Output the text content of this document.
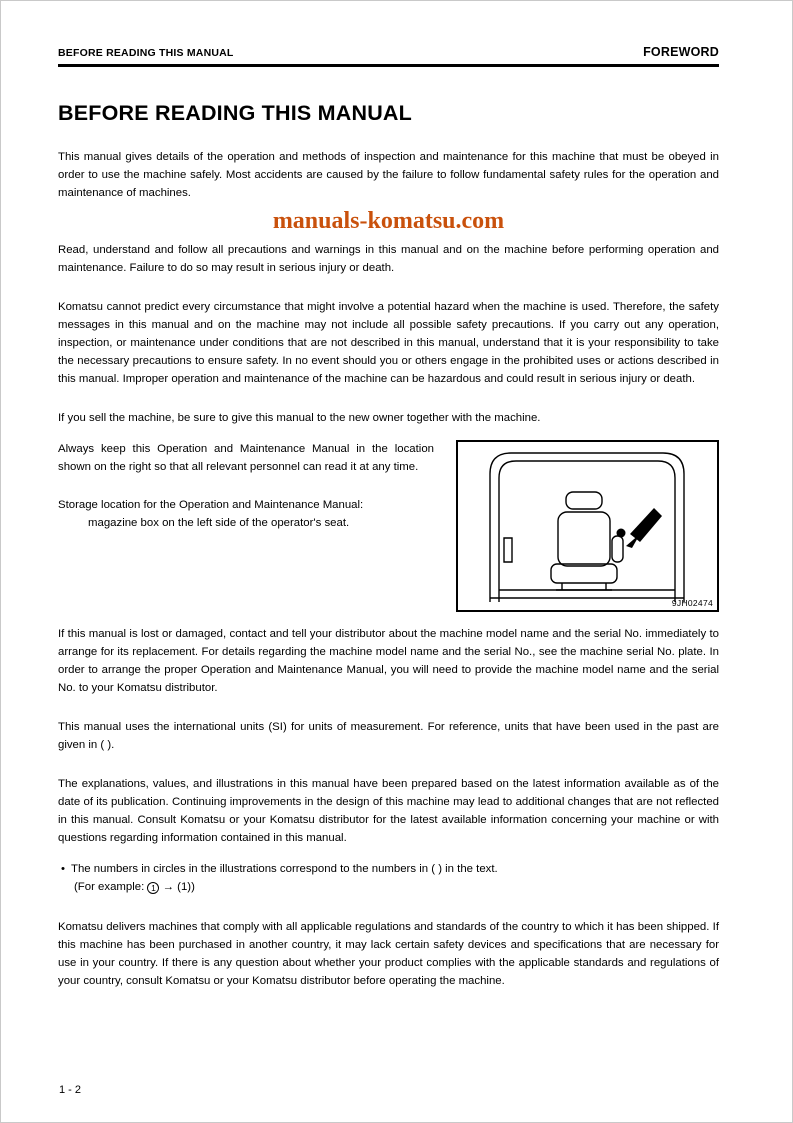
BEFORE READING THIS MANUAL	FOREWORD
BEFORE READING THIS MANUAL

This manual gives details of the operation and methods of inspection and maintenance for this machine that must be obeyed in order to use the machine safely. Most accidents are caused by the failure to follow fundamental safety rules for the operation and maintenance of machines.

manuals-komatsu.com

Read, understand and follow all precautions and warnings in this manual and on the machine before performing operation and maintenance. Failure to do so may result in serious injury or death.

Komatsu cannot predict every circumstance that might involve a potential hazard when the machine is used. Therefore, the safety messages in this manual and on the machine may not include all possible safety precautions. If you carry out any operation, inspection, or maintenance under conditions that are not described in this manual, understand that it is your responsibility to take the necessary precautions to ensure safety. In no event should you or others engage in the prohibited uses or actions described in this manual. Improper operation and maintenance of the machine can be hazardous and could result in serious injury or death.

If you sell the machine, be sure to give this manual to the new owner together with the machine.

Always keep this Operation and Maintenance Manual in the location shown on the right so that all relevant personnel can read it at any time.

Storage location for the Operation and Maintenance Manual:
magazine box on the left side of the operator's seat.
9JH02474

If this manual is lost or damaged, contact and tell your distributor about the machine model name and the serial No. immediately to arrange for its replacement. For details regarding the machine model name and the serial No., see the machine serial No. plate. In order to arrange the proper Operation and Maintenance Manual, you will need to provide the machine model name and the serial No. to your Komatsu distributor.

This manual uses the international units (SI) for units of measurement. For reference, units that have been used in the past are given in ( ).

The explanations, values, and illustrations in this manual have been prepared based on the latest information available as of the date of its publication. Continuing improvements in the design of this machine may lead to additional changes that are not reflected in this manual. Consult Komatsu or your Komatsu distributor for the latest available information concerning your machine or with questions regarding information contained in this manual.

• The numbers in circles in the illustrations correspond to the numbers in ( ) in the text.
(For example: 1 → (1))

Komatsu delivers machines that comply with all applicable regulations and standards of the country to which it has been shipped. If this machine has been purchased in another country, it may lack certain safety devices and specifications that are necessary for use in your country. If there is any question about whether your product complies with the applicable standards and regulations of your country, consult Komatsu or your Komatsu distributor before operating the machine.

1 - 2
